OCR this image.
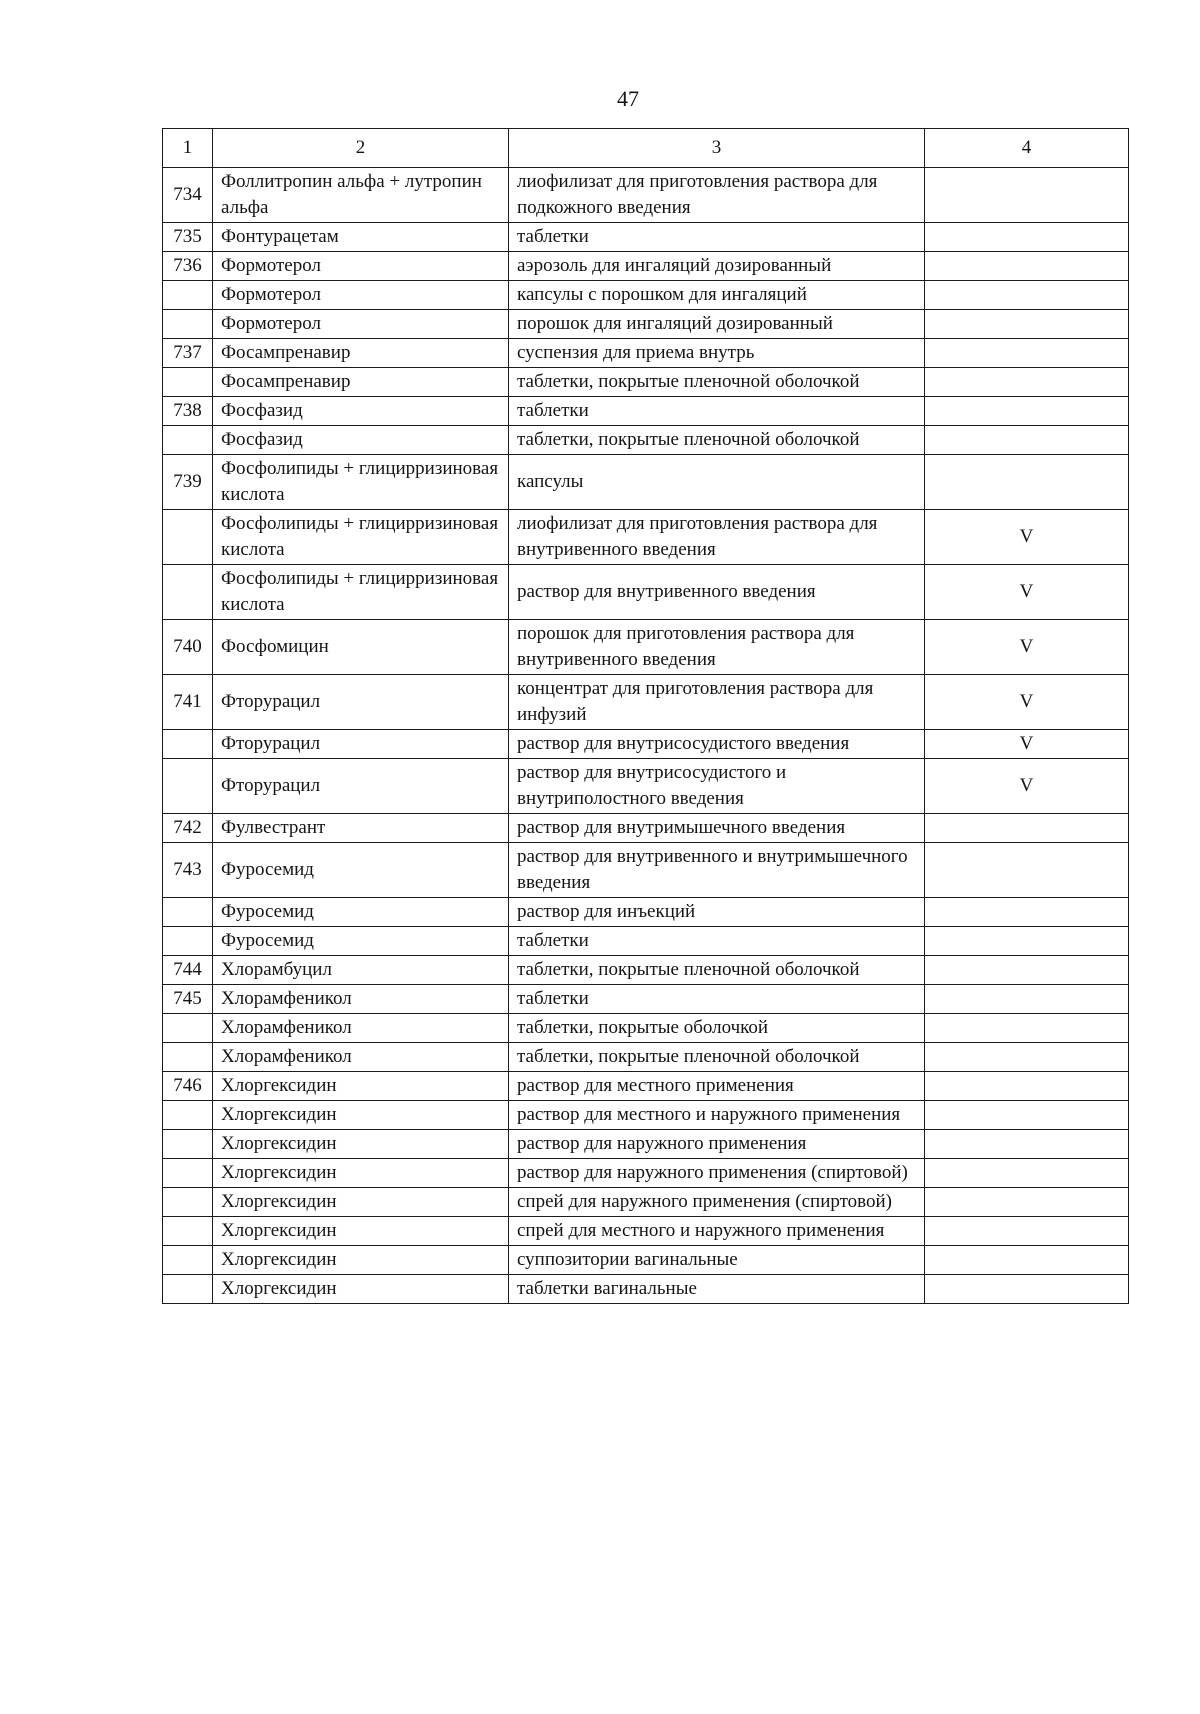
47
1	2	3	4
734	Фоллитропин альфа + лутропин альфа	лиофилизат для приготовления раствора для подкожного введения	
735	Фонтурацетам	таблетки	
736	Формотерол	аэрозоль для ингаляций дозированный	
	Формотерол	капсулы с порошком для ингаляций	
	Формотерол	порошок для ингаляций дозированный	
737	Фосампренавир	суспензия для приема внутрь	
	Фосампренавир	таблетки, покрытые пленочной оболочкой	
738	Фосфазид	таблетки	
	Фосфазид	таблетки, покрытые пленочной оболочкой	
739	Фосфолипиды + глицирризиновая кислота	капсулы	
	Фосфолипиды + глицирризиновая кислота	лиофилизат для приготовления раствора для внутривенного введения	V
	Фосфолипиды + глицирризиновая кислота	раствор для внутривенного введения	V
740	Фосфомицин	порошок для приготовления раствора для внутривенного введения	V
741	Фторурацил	концентрат для приготовления раствора для инфузий	V
	Фторурацил	раствор для внутрисосудистого введения	V
	Фторурацил	раствор для внутрисосудистого и внутриполостного введения	V
742	Фулвестрант	раствор для внутримышечного введения	
743	Фуросемид	раствор для внутривенного и внутримышечного введения	
	Фуросемид	раствор для инъекций	
	Фуросемид	таблетки	
744	Хлорамбуцил	таблетки, покрытые пленочной оболочкой	
745	Хлорамфеникол	таблетки	
	Хлорамфеникол	таблетки, покрытые оболочкой	
	Хлорамфеникол	таблетки, покрытые пленочной оболочкой	
746	Хлоргексидин	раствор для местного применения	
	Хлоргексидин	раствор для местного и наружного применения	
	Хлоргексидин	раствор для наружного применения	
	Хлоргексидин	раствор для наружного применения (спиртовой)	
	Хлоргексидин	спрей для наружного применения (спиртовой)	
	Хлоргексидин	спрей для местного и наружного применения	
	Хлоргексидин	суппозитории вагинальные	
	Хлоргексидин	таблетки вагинальные	
